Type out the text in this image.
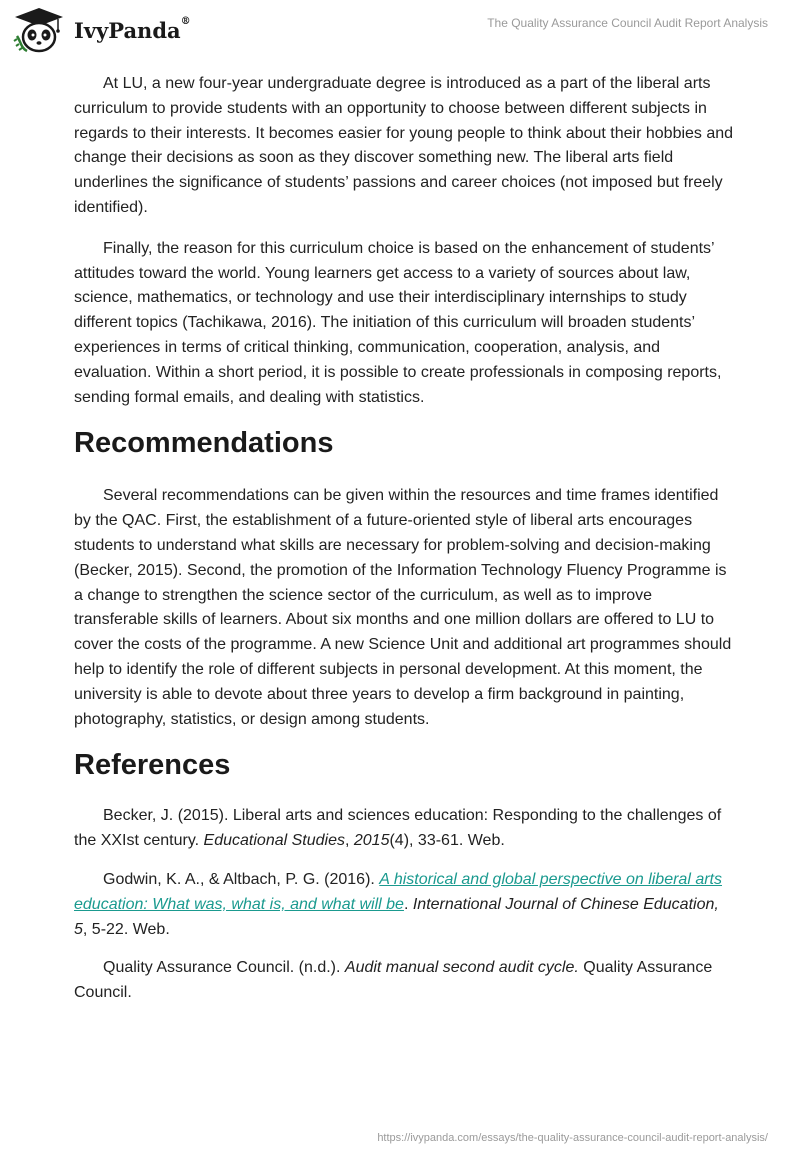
IvyPanda®	The Quality Assurance Council Audit Report Analysis

At LU, a new four-year undergraduate degree is introduced as a part of the liberal arts curriculum to provide students with an opportunity to choose between different subjects in regards to their interests. It becomes easier for young people to think about their hobbies and change their decisions as soon as they discover something new. The liberal arts field underlines the significance of students’ passions and career choices (not imposed but freely identified).

Finally, the reason for this curriculum choice is based on the enhancement of students’ attitudes toward the world. Young learners get access to a variety of sources about law, science, mathematics, or technology and use their interdisciplinary internships to study different topics (Tachikawa, 2016). The initiation of this curriculum will broaden students’ experiences in terms of critical thinking, communication, cooperation, analysis, and evaluation. Within a short period, it is possible to create professionals in composing reports, sending formal emails, and dealing with statistics.

Recommendations

Several recommendations can be given within the resources and time frames identified by the QAC. First, the establishment of a future-oriented style of liberal arts encourages students to understand what skills are necessary for problem-solving and decision-making (Becker, 2015). Second, the promotion of the Information Technology Fluency Programme is a change to strengthen the science sector of the curriculum, as well as to improve transferable skills of learners. About six months and one million dollars are offered to LU to cover the costs of the programme. A new Science Unit and additional art programmes should help to identify the role of different subjects in personal development. At this moment, the university is able to devote about three years to develop a firm background in painting, photography, statistics, or design among students.

References

Becker, J. (2015). Liberal arts and sciences education: Responding to the challenges of the XXIst century. Educational Studies, 2015(4), 33-61. Web.

Godwin, K. A., & Altbach, P. G. (2016). A historical and global perspective on liberal arts education: What was, what is, and what will be. International Journal of Chinese Education, 5, 5-22. Web.

Quality Assurance Council. (n.d.). Audit manual second audit cycle. Quality Assurance Council.

https://ivypanda.com/essays/the-quality-assurance-council-audit-report-analysis/
